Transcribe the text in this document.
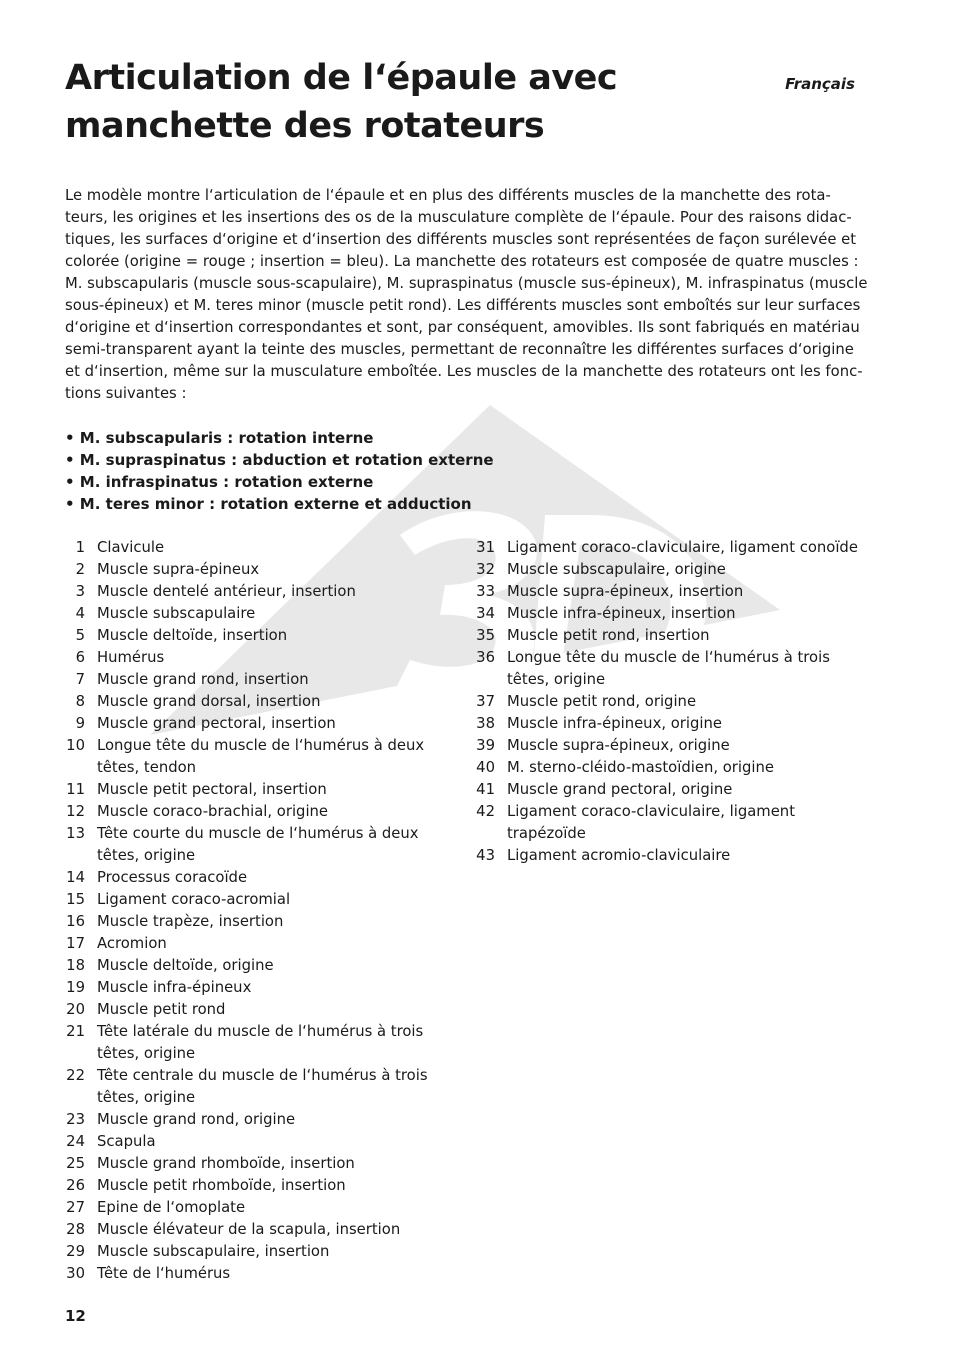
Articulation de l‘épaule avec
manchette des rotateurs
Français
Le modèle montre l‘articulation de l‘épaule et en plus des différents muscles de la manchette des rota-
teurs, les origines et les insertions des os de la musculature complète de l‘épaule. Pour des raisons didac-
tiques, les surfaces d‘origine et d‘insertion des différents muscles sont représentées de façon surélevée et
colorée (origine = rouge ; insertion = bleu). La manchette des rotateurs est composée de quatre muscles :
M. subscapularis (muscle sous-scapulaire), M. supraspinatus (muscle sus-épineux), M. infraspinatus (muscle
sous-épineux) et M. teres minor (muscle petit rond). Les différents muscles sont emboîtés sur leur surfaces
d‘origine et d‘insertion correspondantes et sont, par conséquent, amovibles. Ils sont fabriqués en matériau
semi-transparent ayant la teinte des muscles, permettant de reconnaître les différentes surfaces d‘origine
et d‘insertion, même sur la musculature emboîtée. Les muscles de la manchette des rotateurs ont les fonc-
tions suivantes :
• M. subscapularis : rotation interne
• M. supraspinatus : abduction et rotation externe
• M. infraspinatus : rotation externe
• M. teres minor : rotation externe et adduction
1 Clavicule
2 Muscle supra-épineux
3 Muscle dentelé antérieur, insertion
4 Muscle subscapulaire
5 Muscle deltoïde, insertion
6 Humérus
7 Muscle grand rond, insertion
8 Muscle grand dorsal, insertion
9 Muscle grand pectoral, insertion
10 Longue tête du muscle de l‘humérus à deux
têtes, tendon
11 Muscle petit pectoral, insertion
12 Muscle coraco-brachial, origine
13 Tête courte du muscle de l‘humérus à deux
têtes, origine
14 Processus coracoïde
15 Ligament coraco-acromial
16 Muscle trapèze, insertion
17 Acromion
18 Muscle deltoïde, origine
19 Muscle infra-épineux
20 Muscle petit rond
21 Tête latérale du muscle de l‘humérus à trois
têtes, origine
22 Tête centrale du muscle de l‘humérus à trois
têtes, origine
23 Muscle grand rond, origine
24 Scapula
25 Muscle grand rhomboïde, insertion
26 Muscle petit rhomboïde, insertion
27 Epine de l‘omoplate
28 Muscle élévateur de la scapula, insertion
29 Muscle subscapulaire, insertion
30 Tête de l‘humérus
31 Ligament coraco-claviculaire, ligament conoïde
32 Muscle subscapulaire, origine
33 Muscle supra-épineux, insertion
34 Muscle infra-épineux, insertion
35 Muscle petit rond, insertion
36 Longue tête du muscle de l‘humérus à trois
têtes, origine
37 Muscle petit rond, origine
38 Muscle infra-épineux, origine
39 Muscle supra-épineux, origine
40 M. sterno-cléido-mastoïdien, origine
41 Muscle grand pectoral, origine
42 Ligament coraco-claviculaire, ligament
trapézoïde
43 Ligament acromio-claviculaire
12
